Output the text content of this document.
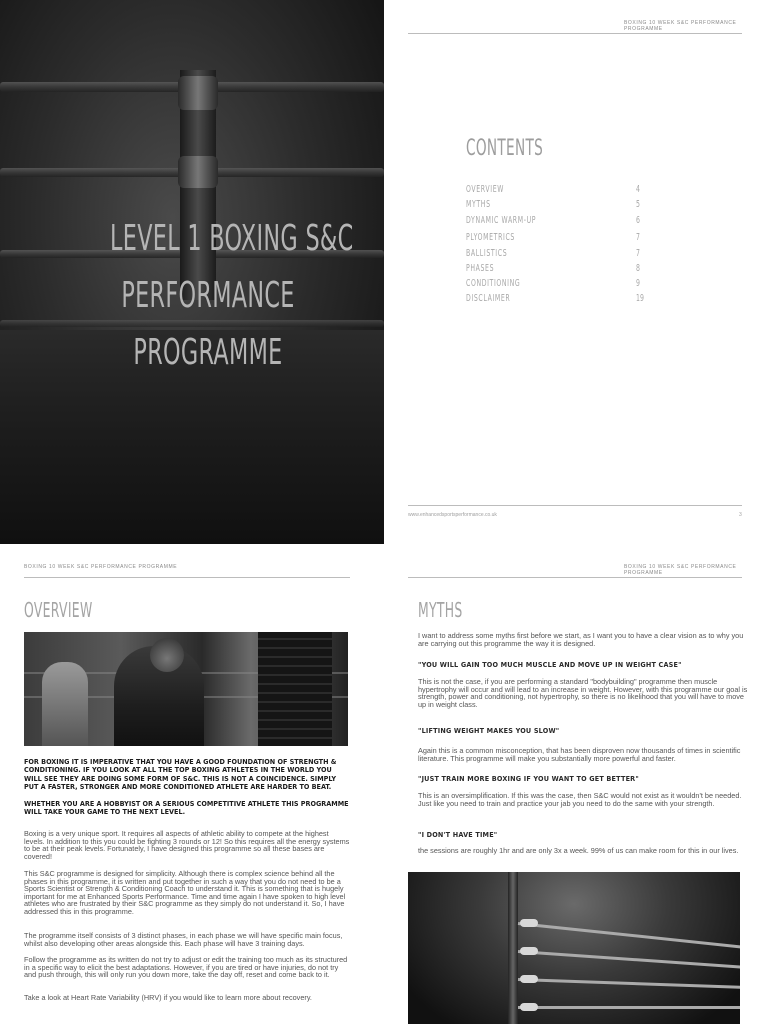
LEVEL 1 BOXING S&C
PERFORMANCE
PROGRAMME
BOXING 10 WEEK S&C PERFORMANCE PROGRAMME
CONTENTS
OVERVIEW	4
MYTHS	5
DYNAMIC WARM-UP	6
PLYOMETRICS	7
BALLISTICS	7
PHASES	8
CONDITIONING	9
DISCLAIMER	19
www.enhancedsportsperformance.co.uk	3
BOXING 10 WEEK S&C PERFORMANCE PROGRAMME
OVERVIEW
FOR BOXING IT IS IMPERATIVE THAT YOU HAVE A GOOD FOUNDATION OF STRENGTH & CONDITIONING. IF YOU LOOK AT ALL THE TOP BOXING ATHLETES IN THE WORLD YOU WILL SEE THEY ARE DOING SOME FORM OF S&C. THIS IS NOT A COINCIDENCE. SIMPLY PUT A FASTER, STRONGER AND MORE CONDITIONED ATHLETE ARE HARDER TO BEAT.
WHETHER YOU ARE A HOBBYIST OR A SERIOUS COMPETITIVE ATHLETE THIS PROGRAMME WILL TAKE YOUR GAME TO THE NEXT LEVEL.
Boxing is a very unique sport. It requires all aspects of athletic ability to compete at the highest levels. In addition to this you could be fighting 3 rounds or 12! So this requires all the energy systems to be at their peak levels. Fortunately, I have designed this programme so all these bases are covered!
This S&C programme is designed for simplicity. Although there is complex science behind all the phases in this programme, it is written and put together in such a way that you do not need to be a Sports Scientist or Strength & Conditioning Coach to understand it. This is something that is hugely important for me at Enhanced Sports Performance. Time and time again I have spoken to high level athletes who are frustrated by their S&C programme as they simply do not understand it. So, I have addressed this in this programme.
The programme itself consists of 3 distinct phases, in each phase we will have specific main focus, whilst also developing other areas alongside this. Each phase will have 3 training days.
Follow the programme as its written do not try to adjust or edit the training too much as its structured in a specific way to elicit the best adaptations. However, if you are tired or have injuries, do not try and push through, this will only run you down more, take the day off, reset and come back to it.
Take a look at Heart Rate Variability (HRV) if you would like to learn more about recovery.
BOXING 10 WEEK S&C PERFORMANCE PROGRAMME
MYTHS
I want to address some myths first before we start, as I want you to have a clear vision as to why you are carrying out this programme the way it is designed.
"YOU WILL GAIN TOO MUCH MUSCLE AND MOVE UP IN WEIGHT CASE"
This is not the case, if you are performing a standard "bodybuilding" programme then muscle hypertrophy will occur and will lead to an increase in weight. However, with this programme our goal is strength, power and conditioning, not hypertrophy, so there is no likelihood that you will have to move up in weight class.
"LIFTING WEIGHT MAKES YOU SLOW"
Again this is a common misconception, that has been disproven now thousands of times in scientific literature. This programme will make you substantially more powerful and faster.
"JUST TRAIN MORE BOXING IF YOU WANT TO GET BETTER"
This is an oversimplification. If this was the case, then S&C would not exist as it wouldn't be needed. Just like you need to train and practice your jab you need to do the same with your strength.
"I DON'T HAVE TIME"
the sessions are roughly 1hr and are only 3x a week. 99% of us can make room for this in our lives.
